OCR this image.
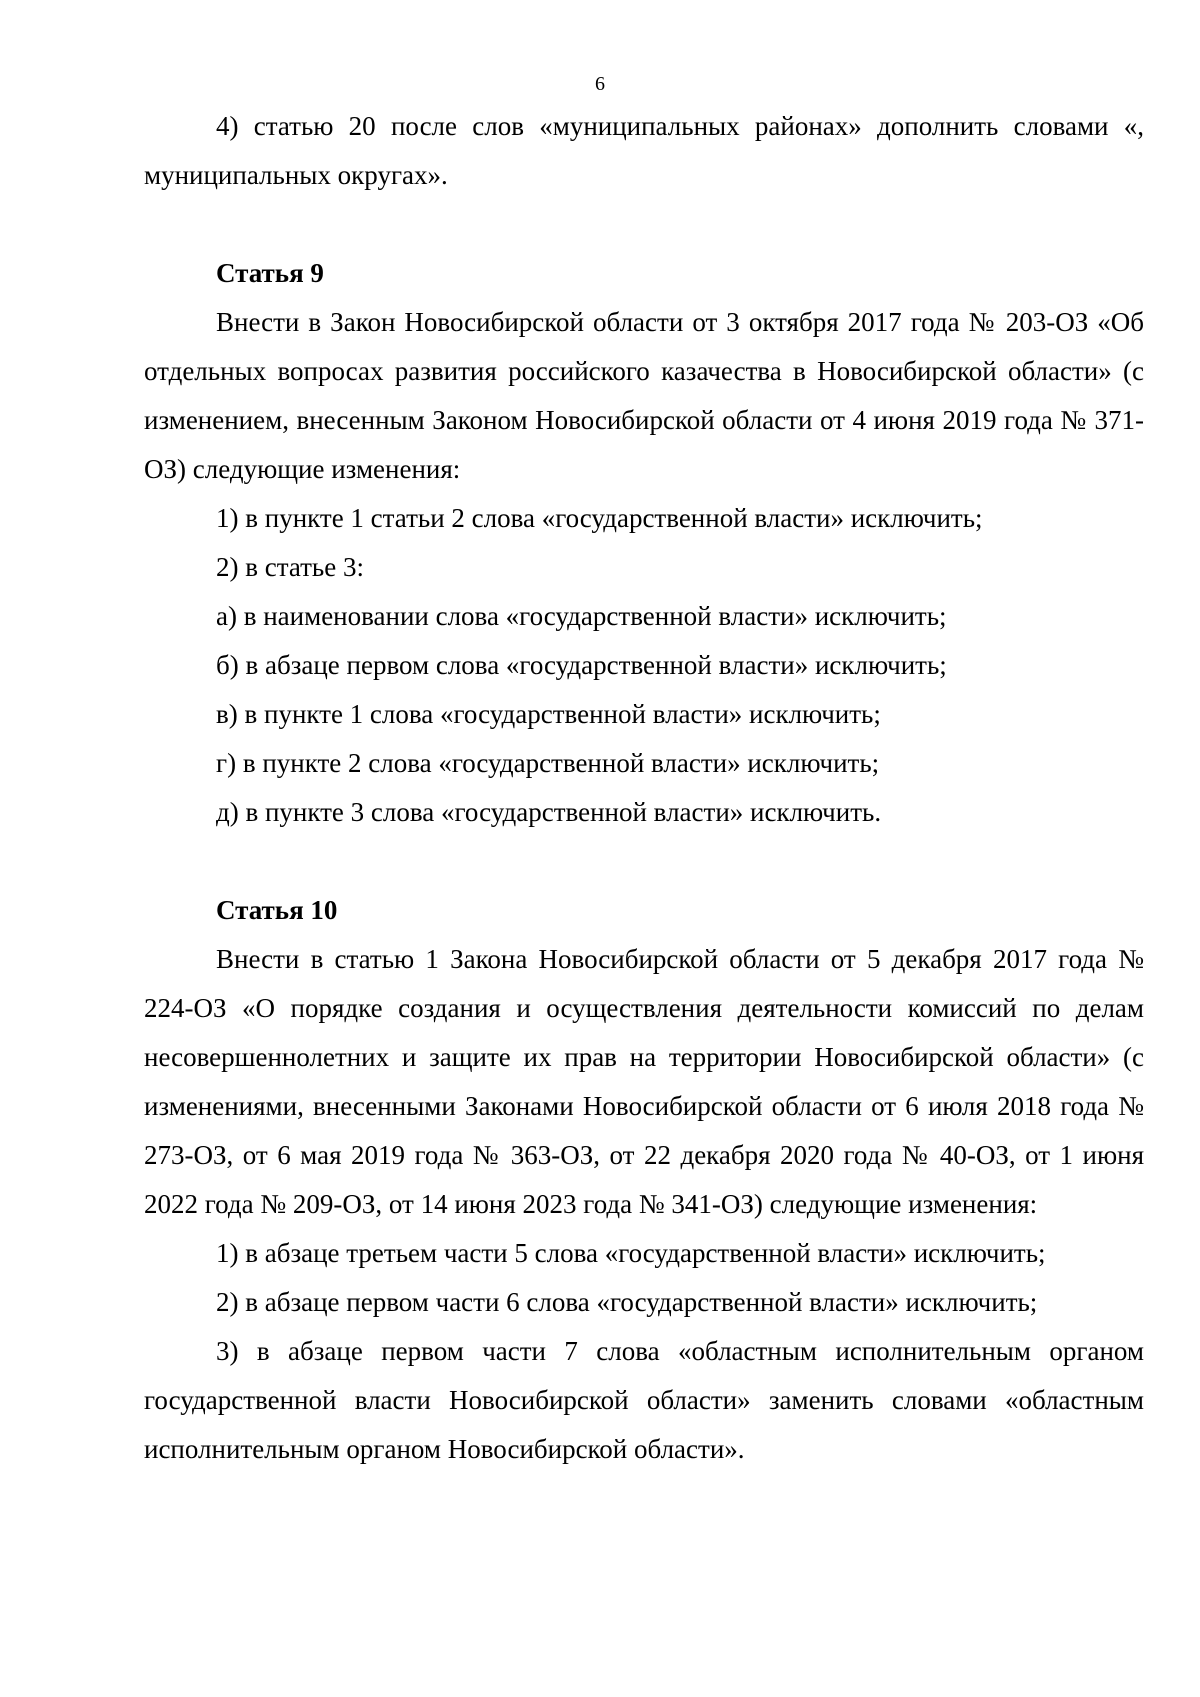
6

4) статью 20 после слов «муниципальных районах» дополнить словами «, муниципальных округах».

Статья 9

Внести в Закон Новосибирской области от 3 октября 2017 года № 203-ОЗ «Об отдельных вопросах развития российского казачества в Новосибирской области» (с изменением, внесенным Законом Новосибирской области от 4 июня 2019 года № 371-ОЗ) следующие изменения:

1) в пункте 1 статьи 2 слова «государственной власти» исключить;

2) в статье 3:

а) в наименовании слова «государственной власти» исключить;

б) в абзаце первом слова «государственной власти» исключить;

в) в пункте 1 слова «государственной власти» исключить;

г) в пункте 2 слова «государственной власти» исключить;

д) в пункте 3 слова «государственной власти» исключить.

Статья 10

Внести в статью 1 Закона Новосибирской области от 5 декабря 2017 года № 224-ОЗ «О порядке создания и осуществления деятельности комиссий по делам несовершеннолетних и защите их прав на территории Новосибирской области» (с изменениями, внесенными Законами Новосибирской области от 6 июля 2018 года № 273-ОЗ, от 6 мая 2019 года № 363-ОЗ, от 22 декабря 2020 года № 40-ОЗ, от 1 июня 2022 года № 209-ОЗ, от 14 июня 2023 года № 341-ОЗ) следующие изменения:

1) в абзаце третьем части 5 слова «государственной власти» исключить;

2) в абзаце первом части 6 слова «государственной власти» исключить;

3) в абзаце первом части 7 слова «областным исполнительным органом государственной власти Новосибирской области» заменить словами «областным исполнительным органом Новосибирской области».
